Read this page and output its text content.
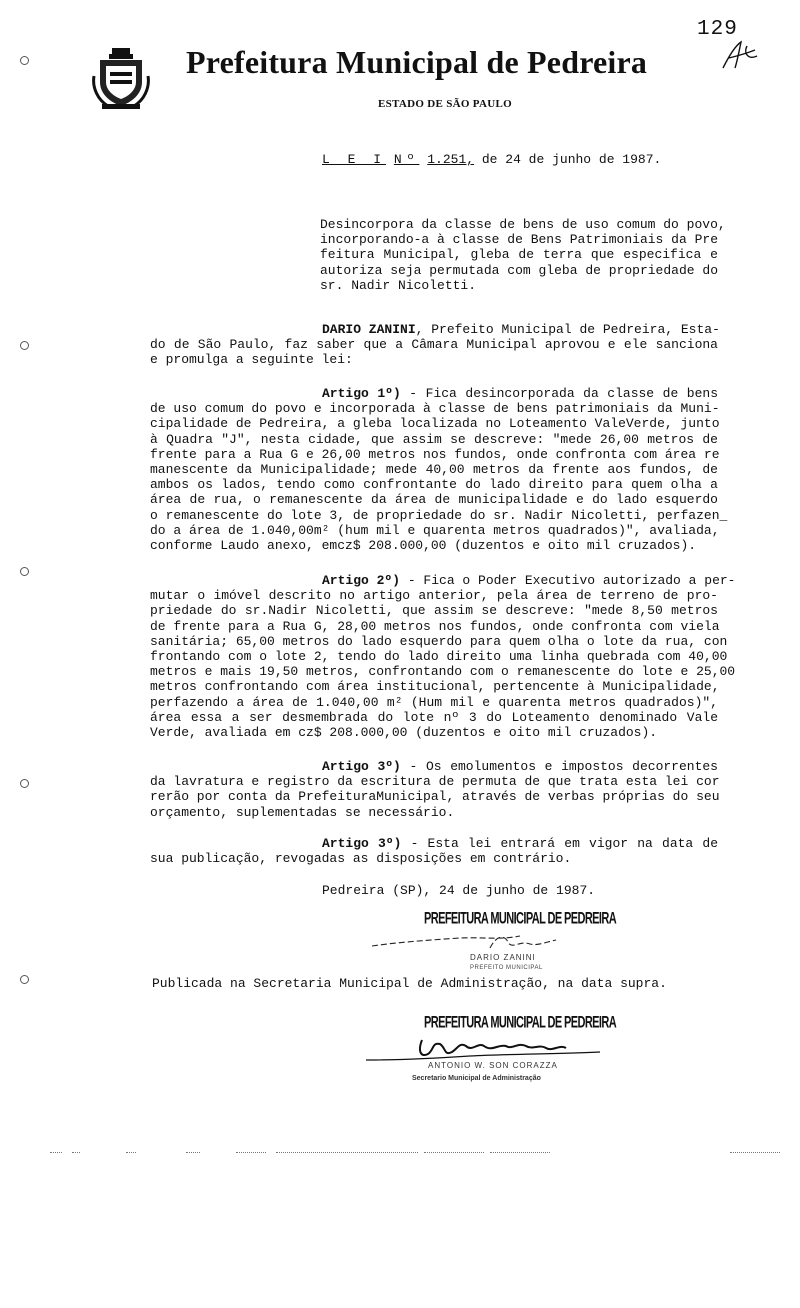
129
Prefeitura Municipal de Pedreira
ESTADO DE SÃO PAULO
L E I Nº 1.251, de 24 de junho de 1987.
Desincorpora da classe de bens de uso comum do povo,
incorporando-a à classe de Bens Patrimoniais da Pre
feitura Municipal, gleba de terra que especifica e
autoriza seja permutada com gleba de propriedade do
sr. Nadir Nicoletti.
DARIO ZANINI, Prefeito Municipal de Pedreira, Esta-
do de São Paulo, faz saber que a Câmara Municipal aprovou e ele sanciona
e promulga a seguinte lei:
Artigo 1º) - Fica desincorporada da classe de bens
de uso comum do povo e incorporada à classe de bens patrimoniais da Muni-
cipalidade de Pedreira, a gleba localizada no Loteamento ValeVerde, junto
à Quadra "J", nesta cidade, que assim se descreve: "mede 26,00 metros de
frente para a Rua G e 26,00 metros nos fundos, onde confronta com área re
manescente da Municipalidade; mede 40,00 metros da frente aos fundos, de
ambos os lados, tendo como confrontante do lado direito para quem olha a
área de rua, o remanescente da área de municipalidade e do lado esquerdo
o remanescente do lote 3, de propriedade do sr. Nadir Nicoletti, perfazen_
do a área de 1.040,00m² (hum mil e quarenta metros quadrados)", avaliada,
conforme Laudo anexo, emcz$ 208.000,00 (duzentos e oito mil cruzados).
Artigo 2º) - Fica o Poder Executivo autorizado a per-
mutar o imóvel descrito no artigo anterior, pela área de terreno de pro-
priedade do sr.Nadir Nicoletti, que assim se descreve: "mede 8,50 metros
de frente para a Rua G, 28,00 metros nos fundos, onde confronta com viela
sanitária; 65,00 metros do lado esquerdo para quem olha o lote da rua, con
frontando com o lote 2, tendo do lado direito uma linha quebrada com 40,00
metros e mais 19,50 metros, confrontando com o remanescente do lote e 25,00
metros confrontando com área institucional, pertencente à Municipalidade,
perfazendo a área de 1.040,00 m² (Hum mil e quarenta metros quadrados)",
área essa a ser desmembrada do lote nº 3 do Loteamento denominado Vale
Verde, avaliada em cz$ 208.000,00 (duzentos e oito mil cruzados).
Artigo 3º) - Os emolumentos e impostos decorrentes
da lavratura e registro da escritura de permuta de que trata esta lei cor
rerão por conta da PrefeituraMunicipal, através de verbas próprias do seu
orçamento, suplementadas se necessário.
Artigo 3º) - Esta lei entrará em vigor na data de
sua publicação, revogadas as disposições em contrário.
Pedreira (SP), 24 de junho de 1987.
PREFEITURA MUNICIPAL DE PEDREIRA
DARIO ZANINI
PREFEITO MUNICIPAL
Publicada na Secretaria Municipal de Administração, na data supra.
PREFEITURA MUNICIPAL DE PEDREIRA
ANTONIO W. SON CORAZZA
Secretario Municipal de Administração
